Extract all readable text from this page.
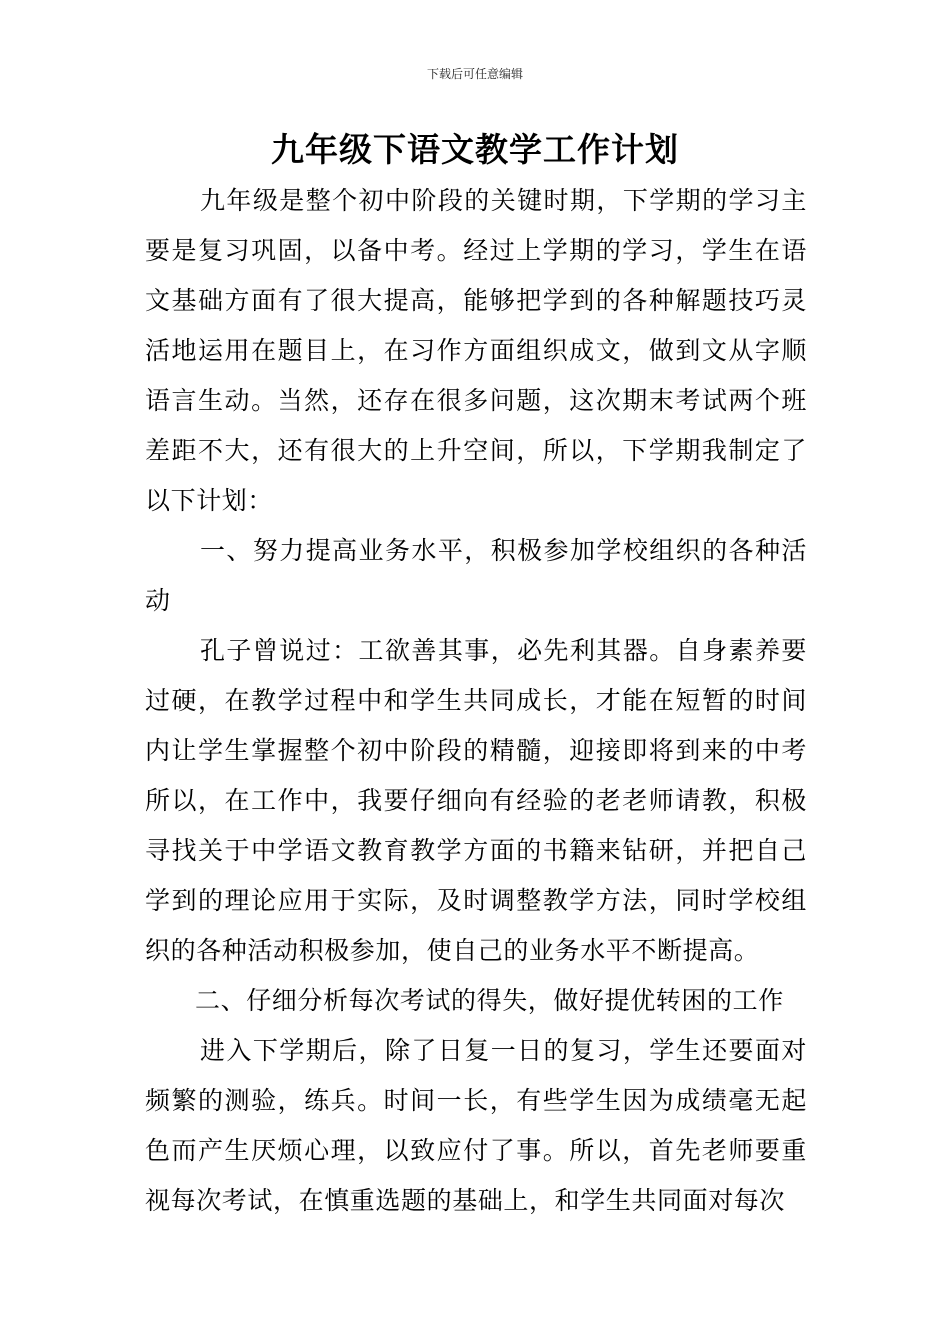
下载后可任意编辑
九年级下语文教学工作计划

九年级是整个初中阶段的关键时期，下学期的学习主要是复习巩固，以备中考。经过上学期的学习，学生在语文基础方面有了很大提高，能够把学到的各种解题技巧灵活地运用在题目上，在习作方面组织成文，做到文从字顺语言生动。当然，还存在很多问题，这次期末考试两个班差距不大，还有很大的上升空间，所以，下学期我制定了以下计划：

一、努力提高业务水平，积极参加学校组织的各种活动

孔子曾说过：工欲善其事，必先利其器。自身素养要过硬，在教学过程中和学生共同成长，才能在短暂的时间内让学生掌握整个初中阶段的精髓，迎接即将到来的中考所以，在工作中，我要仔细向有经验的老老师请教，积极寻找关于中学语文教育教学方面的书籍来钻研，并把自己学到的理论应用于实际，及时调整教学方法，同时学校组织的各种活动积极参加，使自己的业务水平不断提高。

二、仔细分析每次考试的得失，做好提优转困的工作

进入下学期后，除了日复一日的复习，学生还要面对频繁的测验，练兵。时间一长，有些学生因为成绩毫无起色而产生厌烦心理，以致应付了事。所以，首先老师要重视每次考试，在慎重选题的基础上，和学生共同面对每次
